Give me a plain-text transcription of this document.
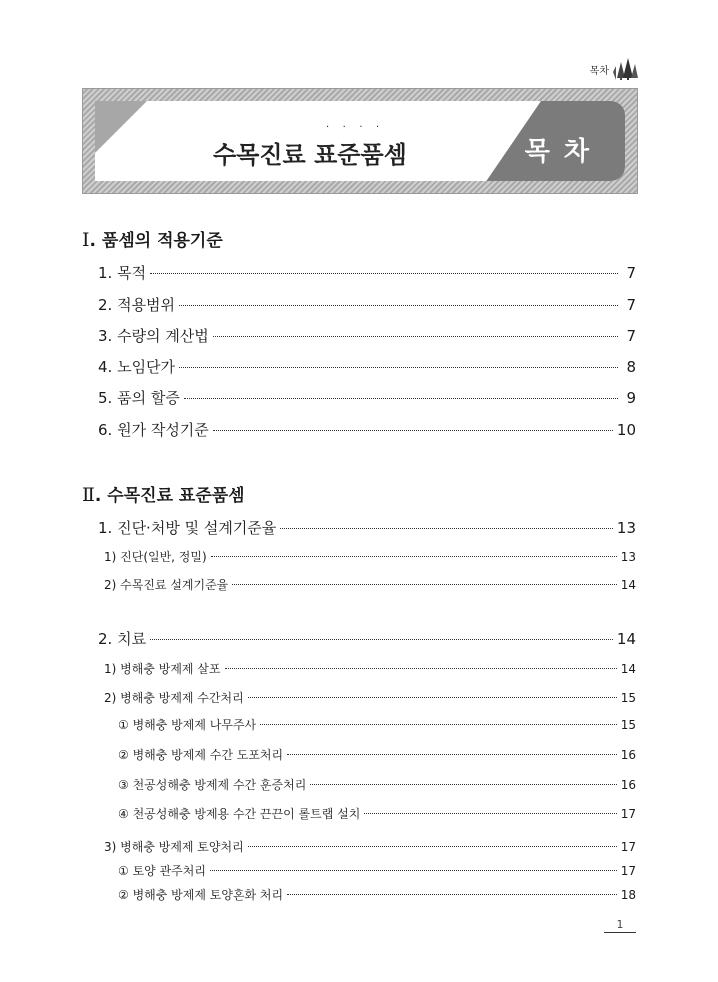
목차
····
수목진료 표준품셈	목차
Ⅰ . 품셈의 적용기준
1. 목적	7
2. 적용범위	7
3. 수량의 계산법	7
4. 노임단가	8
5. 품의 할증	9
6. 원가 작성기준	10
Ⅱ . 수목진료 표준품셈
1. 진단·처방 및 설계기준율	13
1) 진단(일반, 정밀)	13
2) 수목진료 설계기준율	14
2. 치료	14
1) 병해충 방제제 살포	14
2) 병해충 방제제 수간처리	15
① 병해충 방제제 나무주사	15
② 병해충 방제제 수간 도포처리	16
③ 천공성해충 방제제 수간 훈증처리	16
④ 천공성해충 방제용 수간 끈끈이 롤트랩 설치	17
3) 병해충 방제제 토양처리	17
① 토양 관주처리	17
② 병해충 방제제 토양혼화 처리	18
1
